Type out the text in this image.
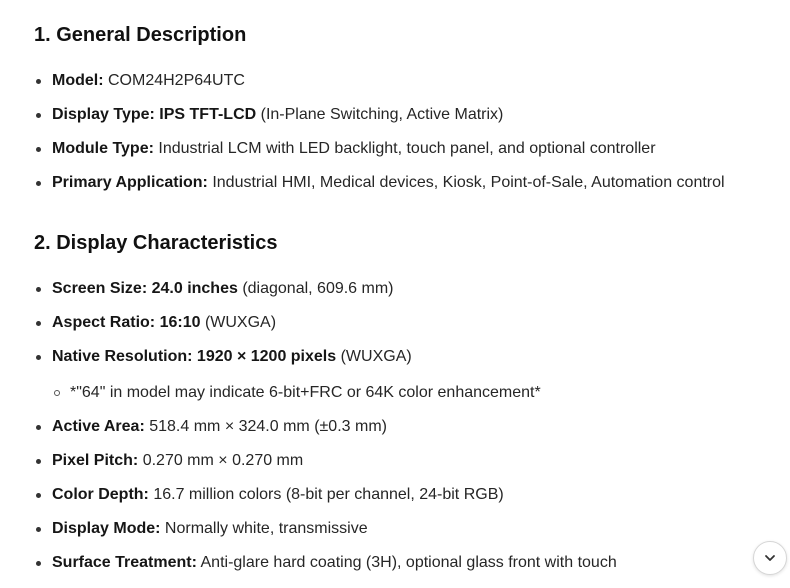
1. General Description
Model: COM24H2P64UTC
Display Type: IPS TFT-LCD (In-Plane Switching, Active Matrix)
Module Type: Industrial LCM with LED backlight, touch panel, and optional controller
Primary Application: Industrial HMI, Medical devices, Kiosk, Point-of-Sale, Automation control
2. Display Characteristics
Screen Size: 24.0 inches (diagonal, 609.6 mm)
Aspect Ratio: 16:10 (WUXGA)
Native Resolution: 1920 × 1200 pixels (WUXGA)
*"64" in model may indicate 6-bit+FRC or 64K color enhancement*
Active Area: 518.4 mm × 324.0 mm (±0.3 mm)
Pixel Pitch: 0.270 mm × 0.270 mm
Color Depth: 16.7 million colors (8-bit per channel, 24-bit RGB)
Display Mode: Normally white, transmissive
Surface Treatment: Anti-glare hard coating (3H), optional glass front with touch
